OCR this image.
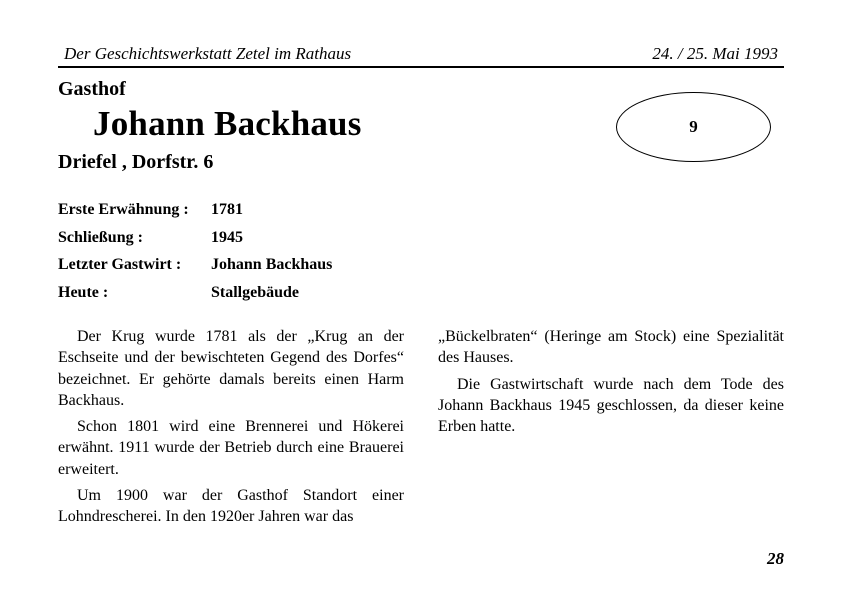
Der Geschichtswerkstatt Zetel im Rathaus	24. / 25. Mai 1993
Gasthof
Johann Backhaus
Driefel , Dorfstr. 6
9
Erste Erwähnung : 1781
Schließung :	1945
Letzter Gastwirt : Johann Backhaus
Heute :	Stallgebäude

Der Krug wurde 1781 als der „Krug an der Eschseite und der bewischteten Gegend des Dorfes“ bezeichnet. Er gehörte damals bereits einen Harm Backhaus.

Schon 1801 wird eine Brennerei und Hökerei erwähnt. 1911 wurde der Betrieb durch eine Brauerei erweitert.

Um 1900 war der Gasthof Standort einer Lohndrescherei. In den 1920er Jahren war das

„Bückelbraten“ (Heringe am Stock) eine Spezialität des Hauses.

Die Gastwirtschaft wurde nach dem Tode des Johann Backhaus 1945 geschlossen, da dieser keine Erben hatte.

28
